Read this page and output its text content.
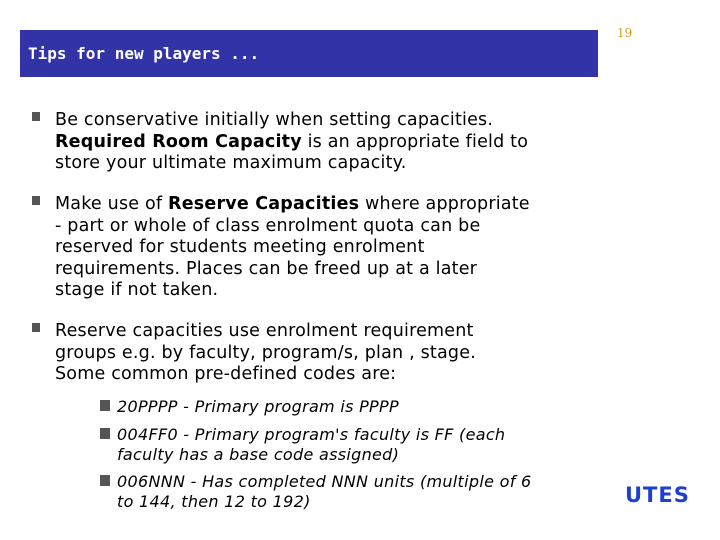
Tips for new players ...
19
Be conservative initially when setting capacities.
Required Room Capacity is an appropriate field to
store your ultimate maximum capacity.
Make use of Reserve Capacities where appropriate
- part or whole of class enrolment quota can be
reserved for students meeting enrolment
requirements. Places can be freed up at a later
stage if not taken.
Reserve capacities use enrolment requirement
groups e.g. by faculty, program/s, plan , stage.
Some common pre-defined codes are:
20PPPP - Primary program is PPPP
004FF0 - Primary program's faculty is FF (each
faculty has a base code assigned)
006NNN - Has completed NNN units (multiple of 6
to 144, then 12 to 192)	UTES
